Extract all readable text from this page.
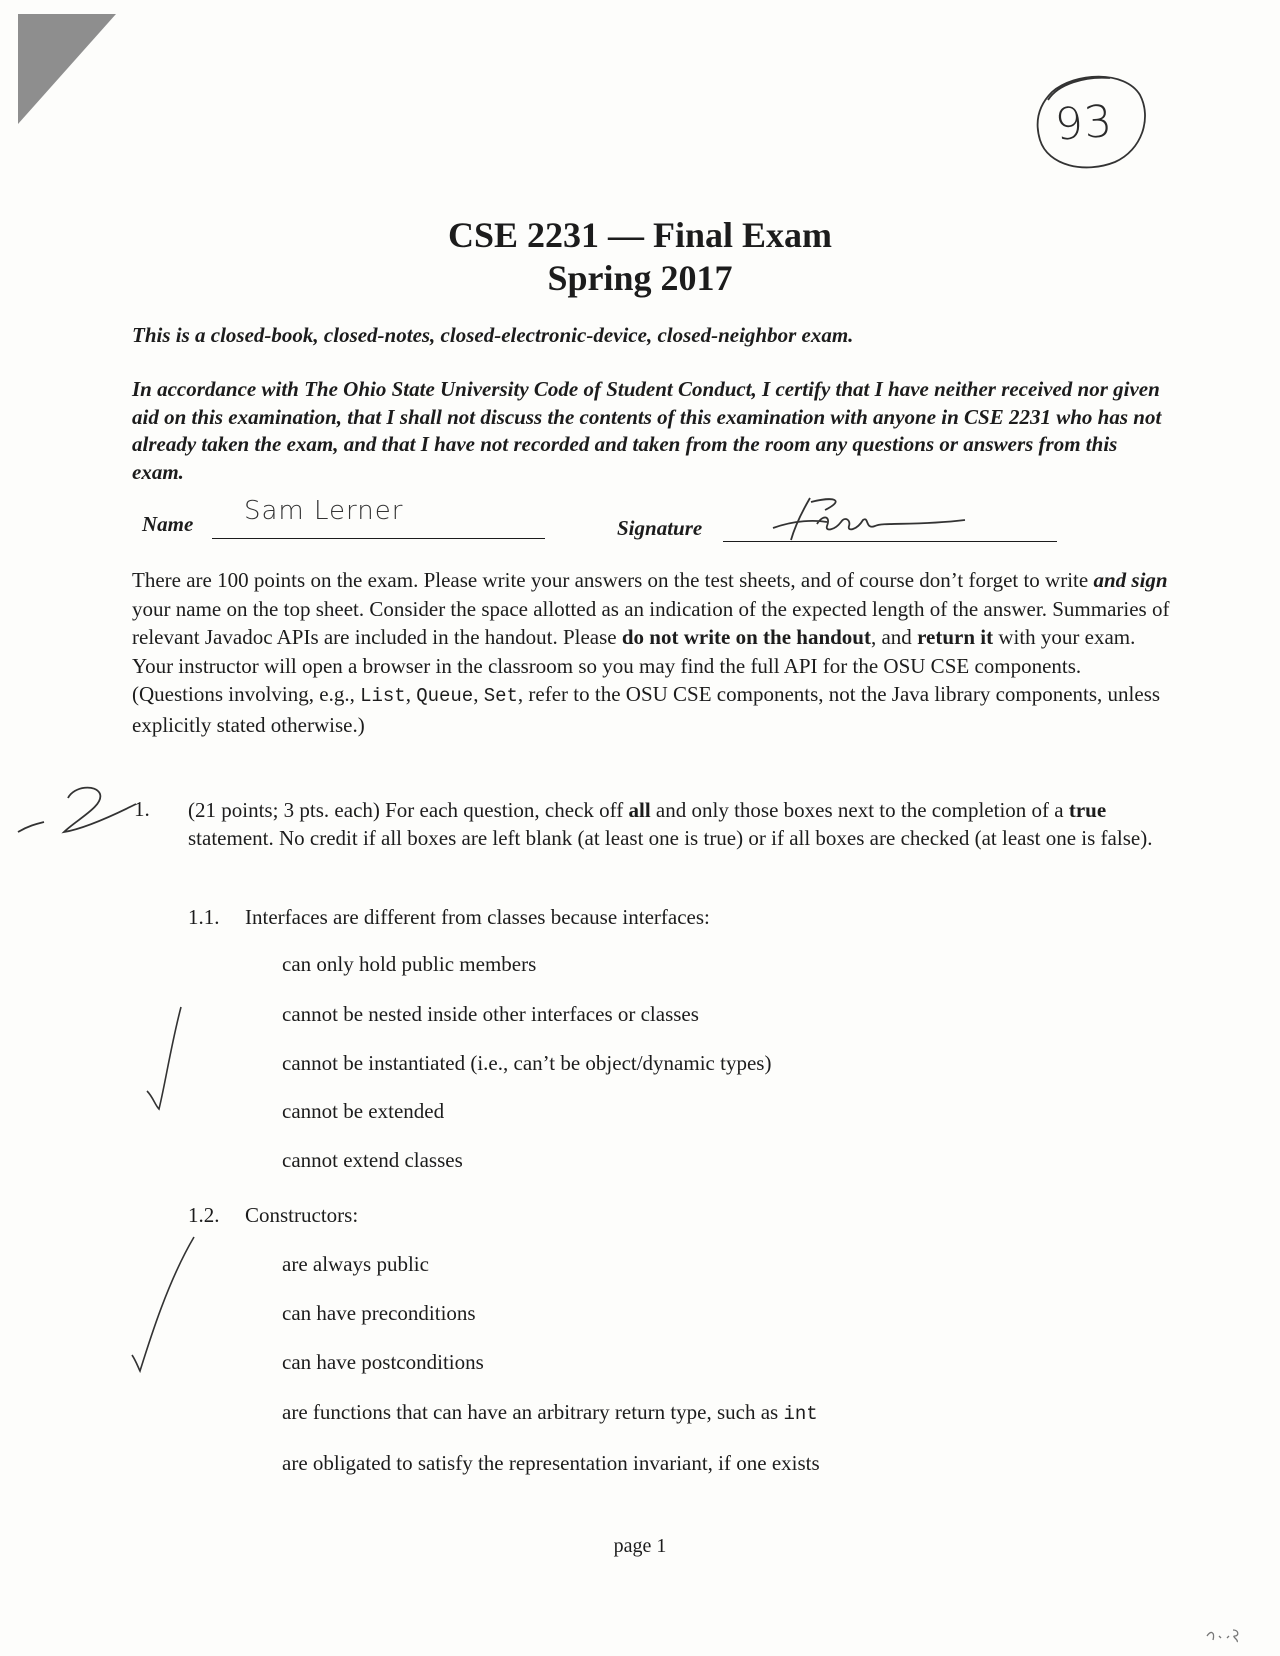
93
CSE 2231 — Final Exam
Spring 2017

This is a closed-book, closed-notes, closed-electronic-device, closed-neighbor exam.

In accordance with The Ohio State University Code of Student Conduct, I certify that I have neither received nor given aid on this examination, that I shall not discuss the contents of this examination with anyone in CSE 2231 who has not already taken the exam, and that I have not recorded and taken from the room any questions or answers from this exam.

Name Sam Lerner
Signature

There are 100 points on the exam. Please write your answers on the test sheets, and of course don’t forget to write and sign your name on the top sheet. Consider the space allotted as an indication of the expected length of the answer. Summaries of relevant Javadoc APIs are included in the handout. Please do not write on the handout, and return it with your exam. Your instructor will open a browser in the classroom so you may find the full API for the OSU CSE components. (Questions involving, e.g., List, Queue, Set, refer to the OSU CSE components, not the Java library components, unless explicitly stated otherwise.)

1. (21 points; 3 pts. each) For each question, check off all and only those boxes next to the completion of a true statement. No credit if all boxes are left blank (at least one is true) or if all boxes are checked (at least one is false).

1.1. Interfaces are different from classes because interfaces:
can only hold public members
cannot be nested inside other interfaces or classes
cannot be instantiated (i.e., can’t be object/dynamic types)
cannot be extended
cannot extend classes
1.2. Constructors:
are always public
can have preconditions
can have postconditions
are functions that can have an arbitrary return type, such as int
are obligated to satisfy the representation invariant, if one exists
page 1
